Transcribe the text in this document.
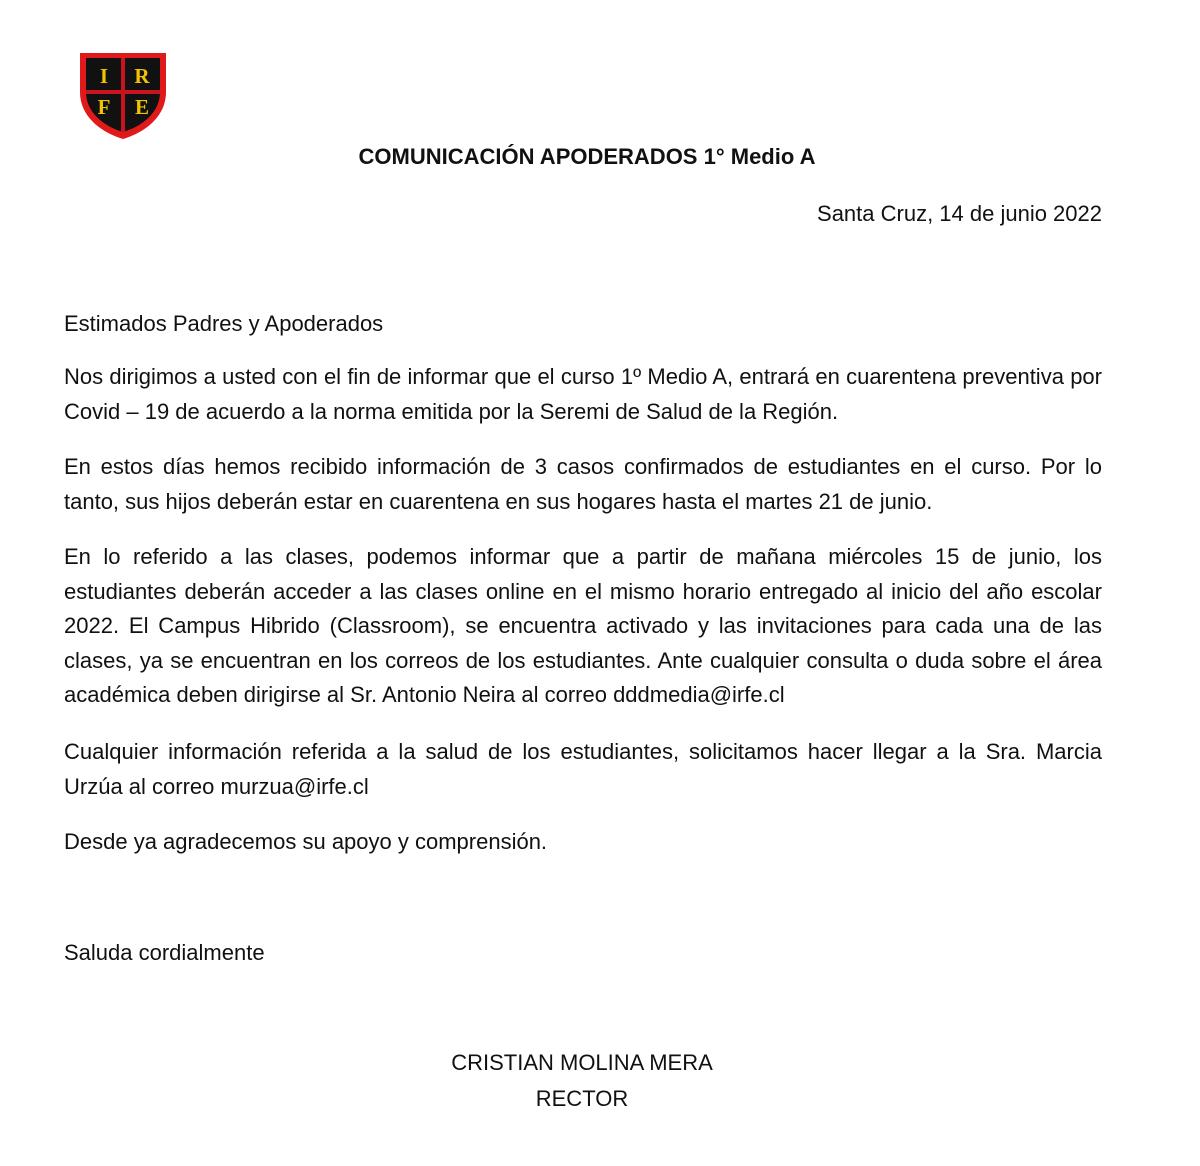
I R
F E
COMUNICACIÓN APODERADOS 1° Medio A
Santa Cruz, 14 de junio 2022
Estimados Padres y Apoderados
Nos dirigimos a usted con el fin de informar que el curso 1º Medio A, entrará en cuarentena preventiva por Covid – 19 de acuerdo a la norma emitida por la Seremi de Salud de la Región.
En estos días hemos recibido información de 3 casos confirmados de estudiantes en el curso. Por lo tanto, sus hijos deberán estar en cuarentena en sus hogares hasta el martes 21 de junio.
En lo referido a las clases, podemos informar que a partir de mañana miércoles 15 de junio, los estudiantes deberán acceder a las clases online en el mismo horario entregado al inicio del año escolar 2022. El Campus Hibrido (Classroom), se encuentra activado y las invitaciones para cada una de las clases, ya se encuentran en los correos de los estudiantes. Ante cualquier consulta o duda sobre el área académica deben dirigirse al Sr. Antonio Neira al correo dddmedia@irfe.cl
Cualquier información referida a la salud de los estudiantes, solicitamos hacer llegar a la Sra. Marcia Urzúa al correo murzua@irfe.cl
Desde ya agradecemos su apoyo y comprensión.
Saluda cordialmente
CRISTIAN MOLINA MERA
RECTOR
